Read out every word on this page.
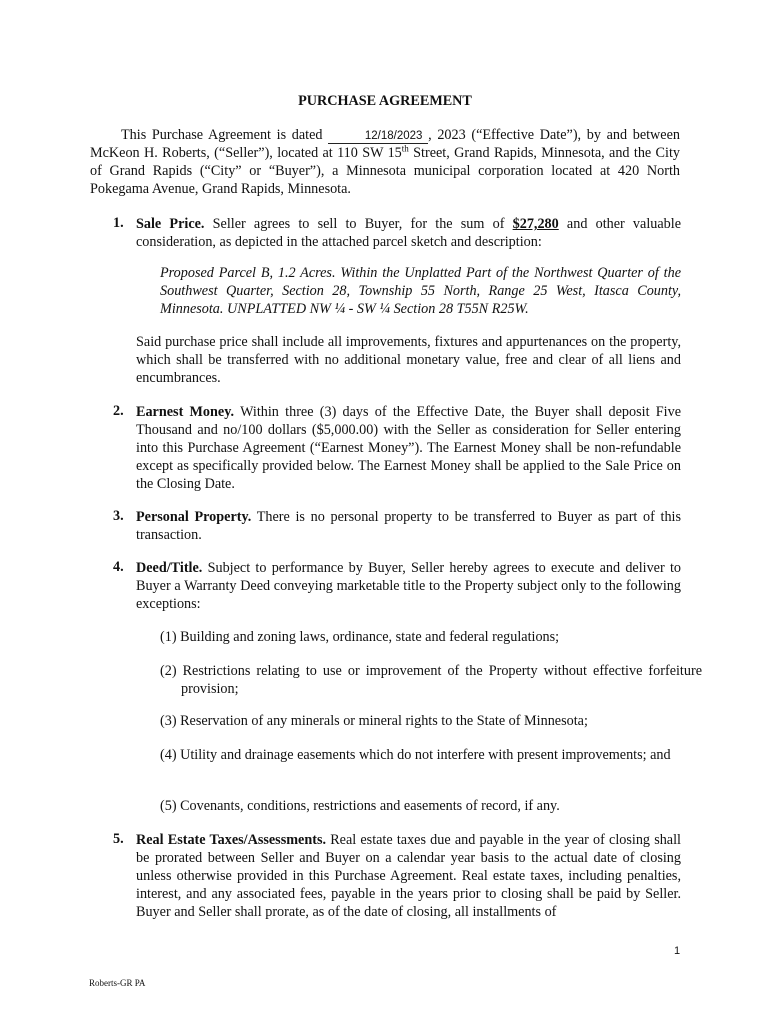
PURCHASE AGREEMENT
This Purchase Agreement is dated	12/18/2023 , 2023 (“Effective Date”), by and between McKeon H. Roberts, (“Seller”), located at 110 SW 15th Street, Grand Rapids, Minnesota, and the City of Grand Rapids (“City” or “Buyer”), a Minnesota municipal corporation located at 420 North Pokegama Avenue, Grand Rapids, Minnesota.
1. Sale Price. Seller agrees to sell to Buyer, for the sum of $27,280 and other valuable consideration, as depicted in the attached parcel sketch and description:
Proposed Parcel B, 1.2 Acres. Within the Unplatted Part of the Northwest Quarter of the Southwest Quarter, Section 28, Township 55 North, Range 25 West, Itasca County, Minnesota. UNPLATTED NW ¼ - SW ¼ Section 28 T55N R25W.
Said purchase price shall include all improvements, fixtures and appurtenances on the property, which shall be transferred with no additional monetary value, free and clear of all liens and encumbrances.
2. Earnest Money. Within three (3) days of the Effective Date, the Buyer shall deposit Five Thousand and no/100 dollars ($5,000.00) with the Seller as consideration for Seller entering into this Purchase Agreement (“Earnest Money”). The Earnest Money shall be non-refundable except as specifically provided below. The Earnest Money shall be applied to the Sale Price on the Closing Date.
3. Personal Property. There is no personal property to be transferred to Buyer as part of this transaction.
4. Deed/Title. Subject to performance by Buyer, Seller hereby agrees to execute and deliver to Buyer a Warranty Deed conveying marketable title to the Property subject only to the following exceptions:
(1) Building and zoning laws, ordinance, state and federal regulations;
(2) Restrictions relating to use or improvement of the Property without effective forfeiture provision;
(3) Reservation of any minerals or mineral rights to the State of Minnesota;
(4) Utility and drainage easements which do not interfere with present improvements; and
(5) Covenants, conditions, restrictions and easements of record, if any.
5. Real Estate Taxes/Assessments. Real estate taxes due and payable in the year of closing shall be prorated between Seller and Buyer on a calendar year basis to the actual date of closing unless otherwise provided in this Purchase Agreement. Real estate taxes, including penalties, interest, and any associated fees, payable in the years prior to closing shall be paid by Seller. Buyer and Seller shall prorate, as of the date of closing, all installments of
1
Roberts-GR PA
